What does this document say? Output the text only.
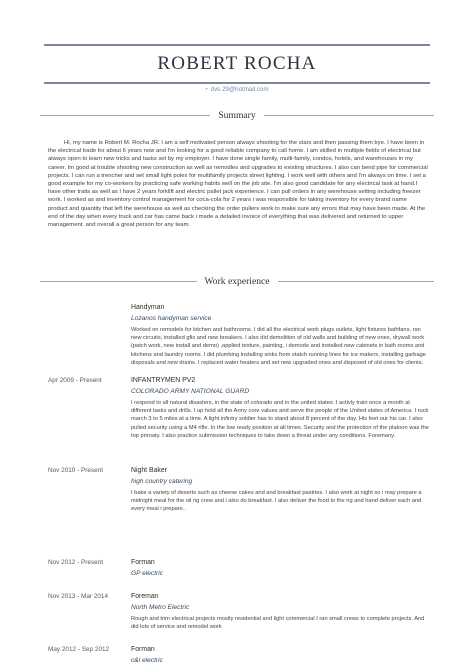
ROBERT ROCHA
• dvs.29@hotmail.com
Summary

Hi, my name is Robert M. Rocha JR. I am a self motivated person always shooting for the stars and then passing them bye. I have been in the electrical trade for about 6 years now and I'm looking for a good reliable company to call home. I am skilled in multiple fields of electrical but always open to learn new tricks and tasks set by my employer. I have done single family, multi-family, condos, hotels, and warehouses in my career. Im good at trouble shooting new construction as well as remodles and upgrades to existing structures. I also can bend pipe for commercial projects. I can run a trencher and set small light poles for multifamily projects street lighting. I work well with others and I'm always on time. I set a good example for my co-workers by practicing safe working habits well on the job site. I'm also good candidate for any electrical task at hand.I have other traits as well as I have 2 years forklift and electric pallet jack experience. I can pull orders in any werehouse setting including freezer work. I worked as and inventory control management for coca-cola for 2 years i was responsible for taking inventory for every brand name product and quantity that left the werehouse as well as checking the order pullers work to make sure any errors that may have been made. At the end of the day when every truck and car has came back i made a detailed invoice of everything that was delivered and returned to upper management. and overall a great person for any team.

Work experience
Handyman
Lozanos handyman service
Worked on remodels for kitchen and bathrooms. I did all the electrical work plugs outlets, light fixtures bathfans, ran new circuits, installed gfis and new breakers. I also did demolition of old walls and building of new ones, drywall work (patch work, new install and demo) ,applied texture, painting, i demode and installed new cabinets in bath rooms and kitchens and laundry rooms. I did plumbing installing sinks from statch running lines for ice makers, installing garbage disposals and new drains. I replaced water heaters and set new upgraded ones and disposed of old ones for clients.
Apr 2009 - Present	INFANTRYMEN PV2
COLORADO ARMY NATIONAL GUARD
I respond to all natural disasters, in the state of colorado and in the united states. I activly train once a month at different tasks and drills. I up hold all the Army core values and serve the people of the United states of America. I ruck march 3 to 5 miles at a time. A light infintry soldier has to stand about 8 percent of the day. His feet our his car. I also pulled security using a M4 rifle. In the low ready position at all times. Security and the protection of the platoon was the top priroaty. I also practice submission techniques to take down a threat under any conditions. Foremany.
Nov 2010 - Present	Night Baker
high country catering
I bake a variety of deserts such as cheese cakes and and breakfast pastries. I also work at night so i may prepare a midnight meal for the oil rig crew and i also do breakfast. I also deliver the food to the rig and hand deliver each and every meal i prepare..
Nov 2012 - Present	Forman
GP electric
Nov 2013 - Mar 2014	Foreman
North Metro Electric
Rough and trim electrical projects mostly residential and light commercial I ran small crews to complete projects. And did lots of service and remodel work
May 2012 - Sep 2012	Forman
c&l electric
